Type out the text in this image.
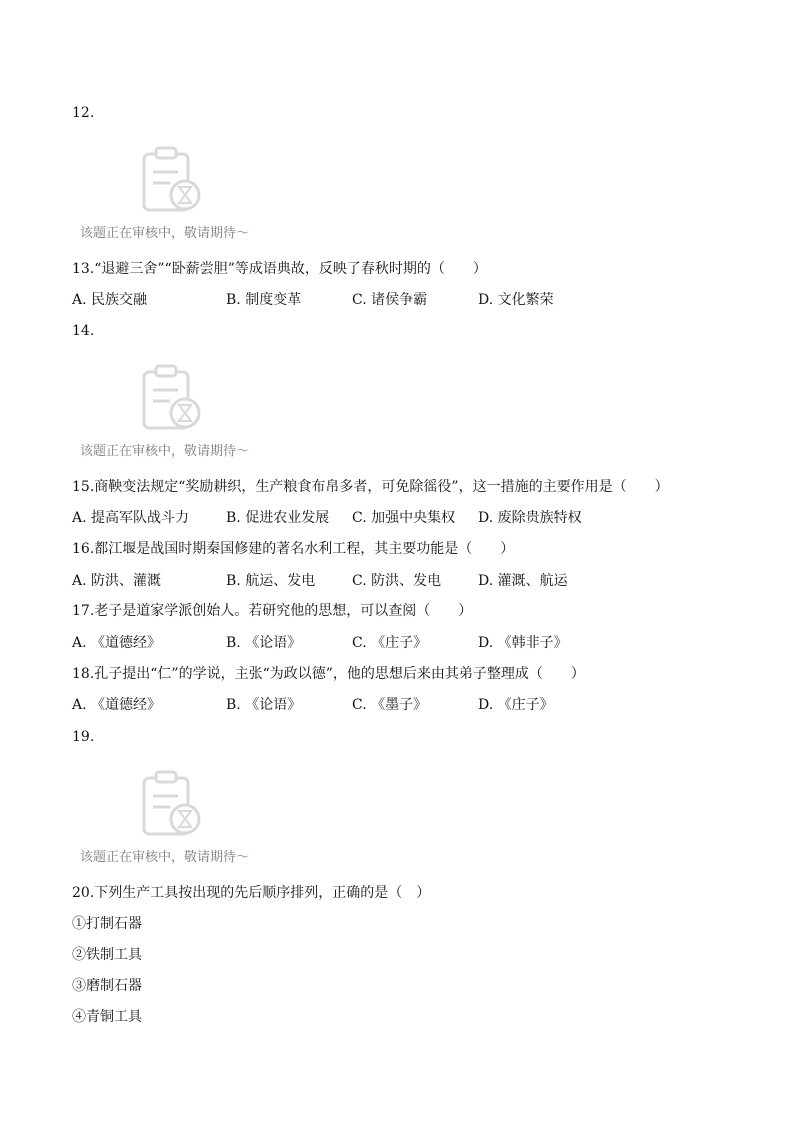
12.
该题正在审核中，敬请期待～
13.“退避三舍”“卧薪尝胆”等成语典故，反映了春秋时期的（　　）
A. 民族交融	B. 制度变革	C. 诸侯争霸	D. 文化繁荣
14.
该题正在审核中，敬请期待～
15.商鞅变法规定“奖励耕织，生产粮食布帛多者，可免除徭役”，这一措施的主要作用是（　　）
A. 提高军队战斗力	B. 促进农业发展 C. 加强中央集权 D. 废除贵族特权
16.都江堰是战国时期秦国修建的著名水利工程，其主要功能是（　　）
A. 防洪、灌溉	B. 航运、发电	C. 防洪、发电	D. 灌溉、航运
17.老子是道家学派创始人。若研究他的思想，可以查阅（　　）
A. 《道德经》	B. 《论语》	C. 《庄子》	D. 《韩非子》
18.孔子提出“仁”的学说，主张“为政以德”，他的思想后来由其弟子整理成（　　）
A. 《道德经》	B. 《论语》	C. 《墨子》	D. 《庄子》
19.
该题正在审核中，敬请期待～
20.下列生产工具按出现的先后顺序排列，正确的是（　）
①打制石器
②铁制工具
③磨制石器
④青铜工具
